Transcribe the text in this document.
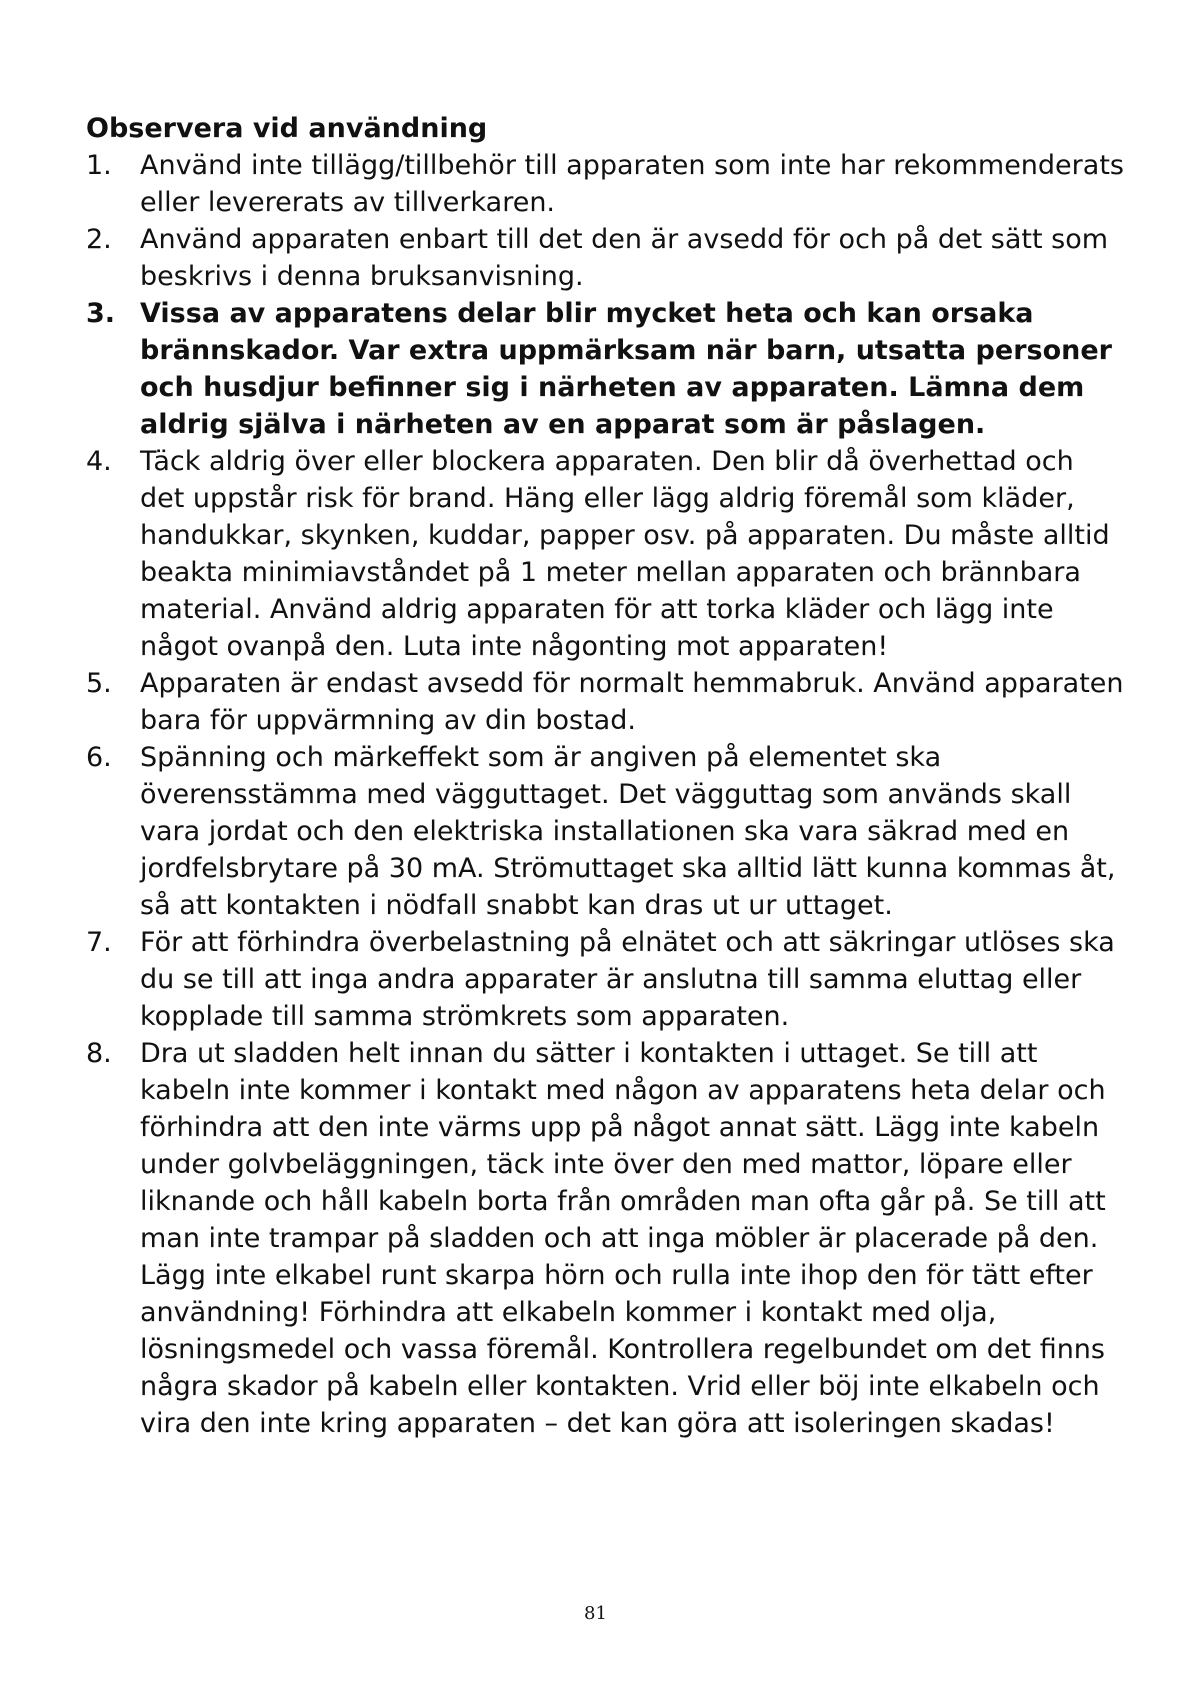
Observera vid användning
1.	Använd inte tillägg/tillbehör till apparaten som inte har rekommenderats eller levererats av tillverkaren.
2.	Använd apparaten enbart till det den är avsedd för och på det sätt som beskrivs i denna bruksanvisning.
3. Vissa av apparatens delar blir mycket heta och kan orsaka brännskador. Var extra uppmärksam när barn, utsatta personer och husdjur befinner sig i närheten av apparaten. Lämna dem aldrig själva i närheten av en apparat som är påslagen.
4.	Täck aldrig över eller blockera apparaten. Den blir då överhettad och det uppstår risk för brand. Häng eller lägg aldrig föremål som kläder, handukkar, skynken, kuddar, papper osv. på apparaten. Du måste alltid beakta minimiavståndet på 1 meter mellan apparaten och brännbara material. Använd aldrig apparaten för att torka kläder och lägg inte något ovanpå den. Luta inte någonting mot apparaten!
5.	Apparaten är endast avsedd för normalt hemmabruk. Använd apparaten bara för uppvärmning av din bostad.
6.	Spänning och märkeffekt som är angiven på elementet ska överensstämma med vägguttaget. Det vägguttag som används skall vara jordat och den elektriska installationen ska vara säkrad med en jordfelsbrytare på 30 mA. Strömuttaget ska alltid lätt kunna kommas åt, så att kontakten i nödfall snabbt kan dras ut ur uttaget.
7.	För att förhindra överbelastning på elnätet och att säkringar utlöses ska du se till att inga andra apparater är anslutna till samma eluttag eller kopplade till samma strömkrets som apparaten.
8.	Dra ut sladden helt innan du sätter i kontakten i uttaget. Se till att kabeln inte kommer i kontakt med någon av apparatens heta delar och förhindra att den inte värms upp på något annat sätt. Lägg inte kabeln under golvbeläggningen, täck inte över den med mattor, löpare eller liknande och håll kabeln borta från områden man ofta går på. Se till att man inte trampar på sladden och att inga möbler är placerade på den. Lägg inte elkabel runt skarpa hörn och rulla inte ihop den för tätt efter användning! Förhindra att elkabeln kommer i kontakt med olja, lösningsmedel och vassa föremål. Kontrollera regelbundet om det finns några skador på kabeln eller kontakten. Vrid eller böj inte elkabeln och vira den inte kring apparaten – det kan göra att isoleringen skadas!
81
